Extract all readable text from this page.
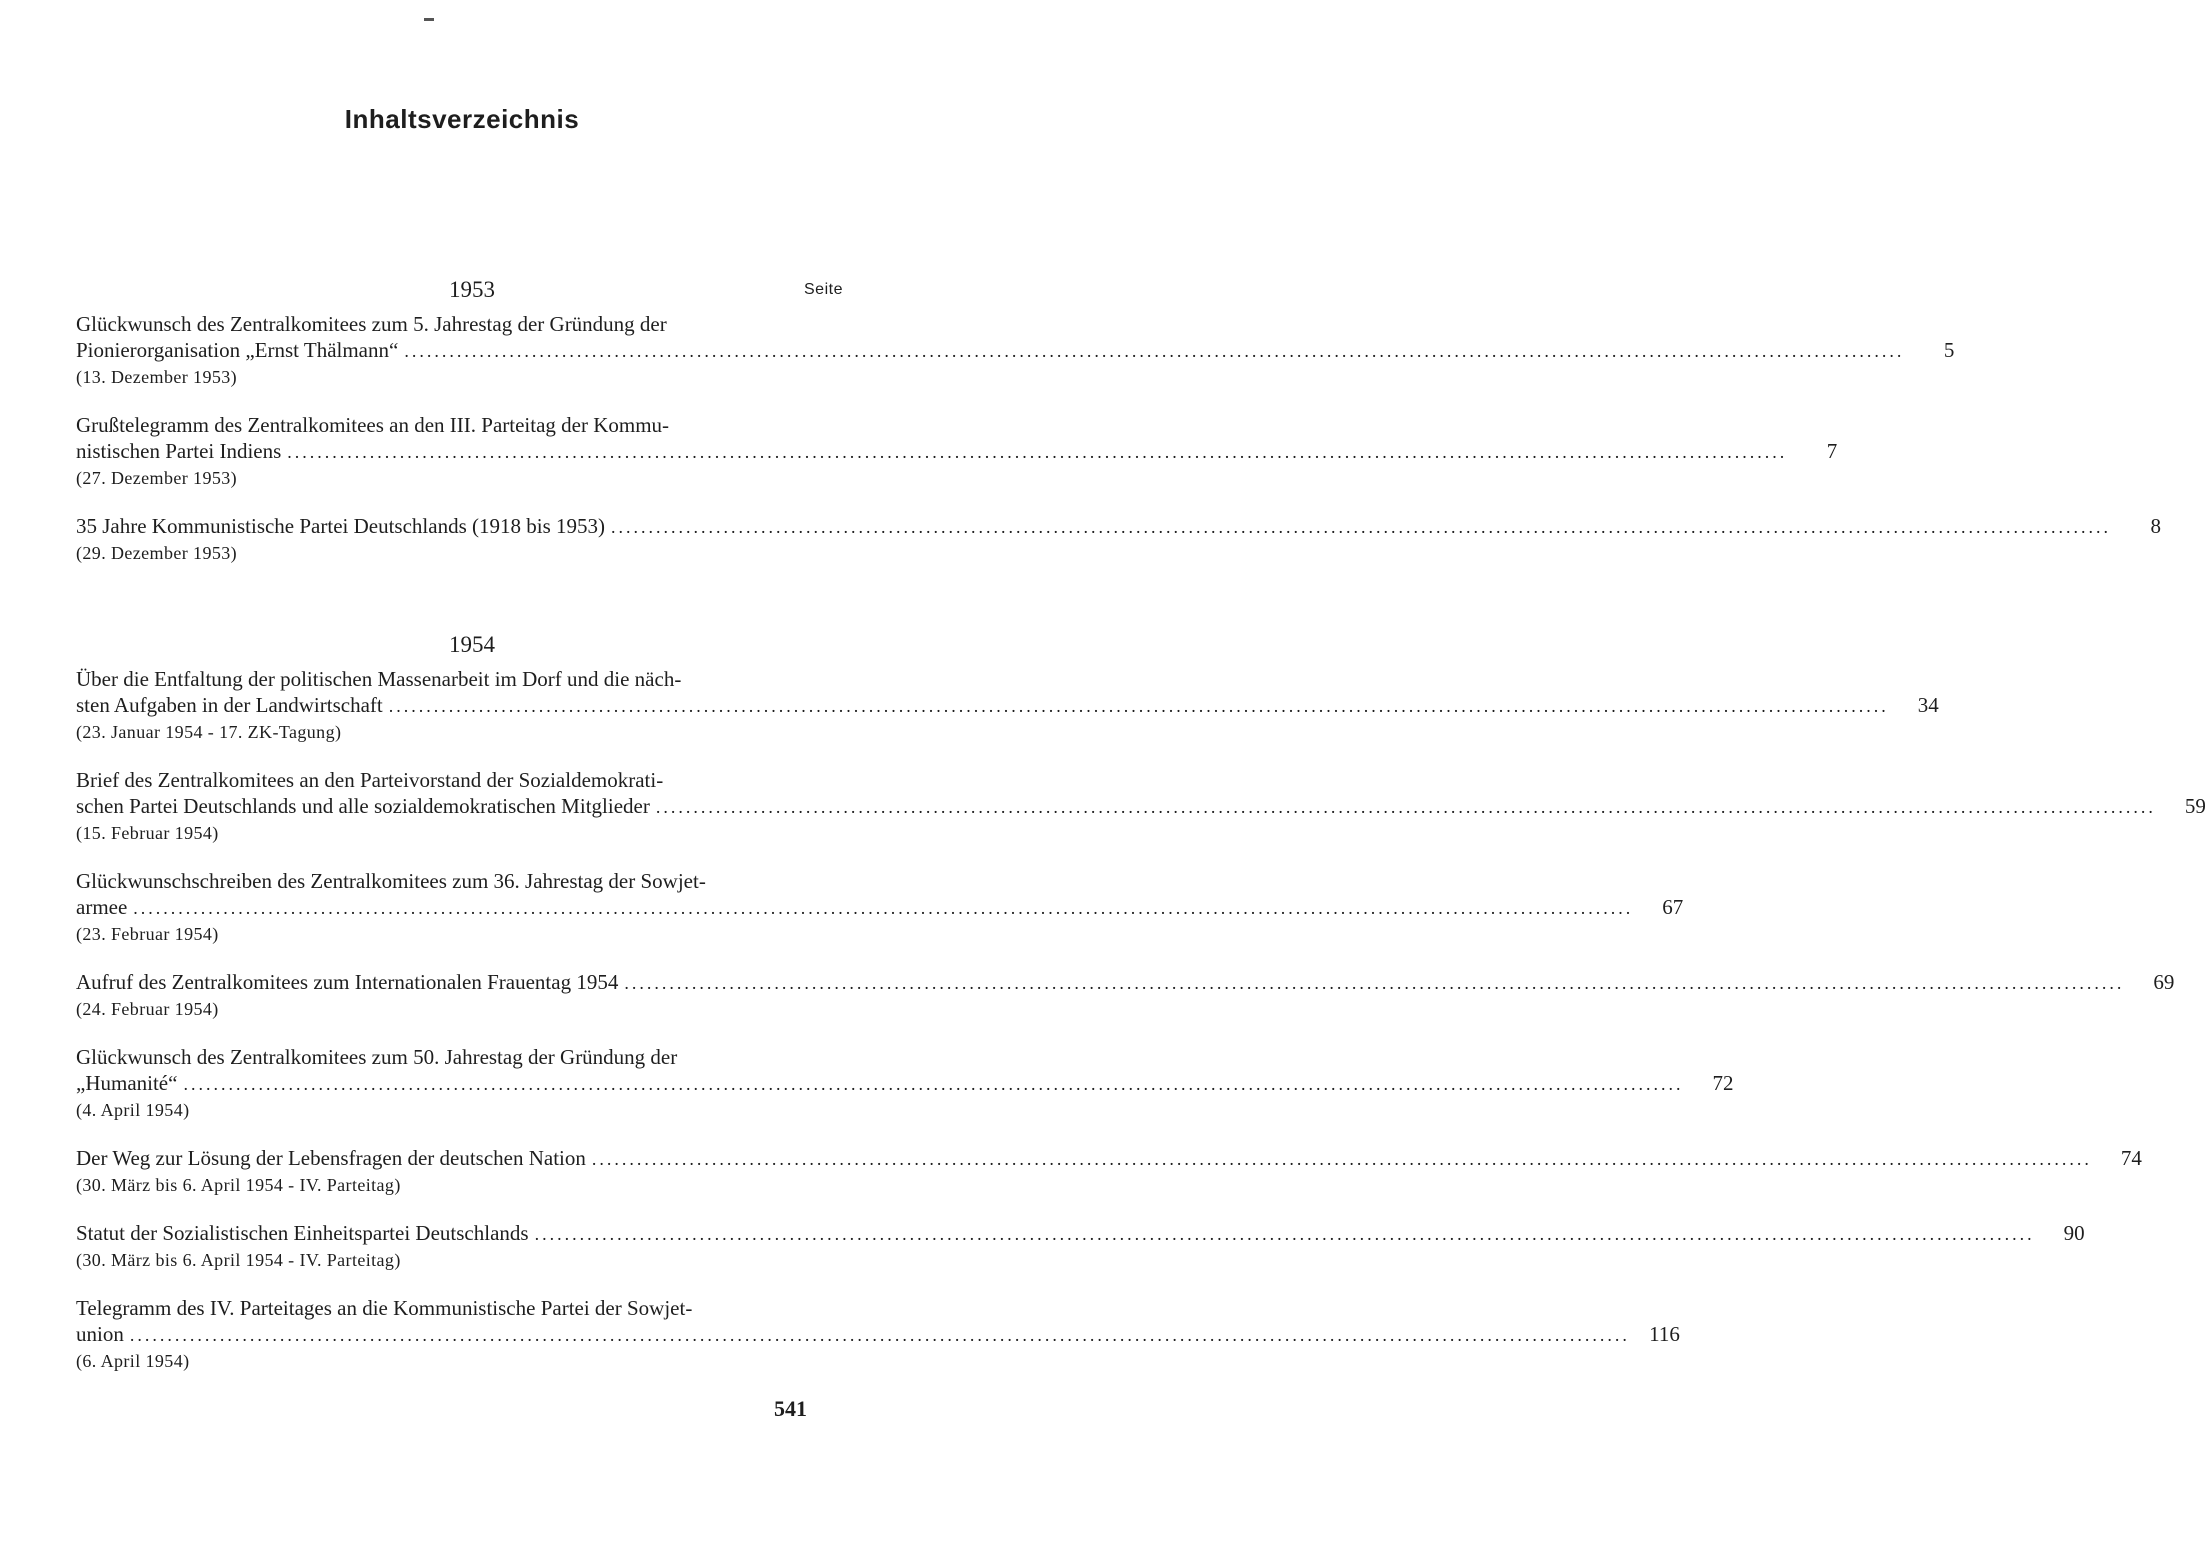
Inhaltsverzeichnis
Seite
1953
Glückwunsch des Zentralkomitees zum 5. Jahrestag der Gründung der
Pionierorganisation „Ernst Thälmann“ ........................................................................................................................................................................................................	5
(13. Dezember 1953)
Grußtelegramm des Zentralkomitees an den III. Parteitag der Kommu-
nistischen Partei Indiens ........................................................................................................................................................................................................	7
(27. Dezember 1953)
35 Jahre Kommunistische Partei Deutschlands (1918 bis 1953) ........................................................................................................................................................................................................	8
(29. Dezember 1953)
1954
Über die Entfaltung der politischen Massenarbeit im Dorf und die näch-
sten Aufgaben in der Landwirtschaft ........................................................................................................................................................................................................	34
(23. Januar 1954 - 17. ZK-Tagung)
Brief des Zentralkomitees an den Parteivorstand der Sozialdemokrati-
schen Partei Deutschlands und alle sozialdemokratischen Mitglieder ........................................................................................................................................................................................................	59
(15. Februar 1954)
Glückwunschschreiben des Zentralkomitees zum 36. Jahrestag der Sowjet-
armee ........................................................................................................................................................................................................	67
(23. Februar 1954)
Aufruf des Zentralkomitees zum Internationalen Frauentag 1954 ........................................................................................................................................................................................................	69
(24. Februar 1954)
Glückwunsch des Zentralkomitees zum 50. Jahrestag der Gründung der
„Humanité“ ........................................................................................................................................................................................................	72
(4. April 1954)
Der Weg zur Lösung der Lebensfragen der deutschen Nation ........................................................................................................................................................................................................	74
(30. März bis 6. April 1954 - IV. Parteitag)
Statut der Sozialistischen Einheitspartei Deutschlands ........................................................................................................................................................................................................	90
(30. März bis 6. April 1954 - IV. Parteitag)
Telegramm des IV. Parteitages an die Kommunistische Partei der Sowjet-
union ........................................................................................................................................................................................................ 116
(6. April 1954)
541
